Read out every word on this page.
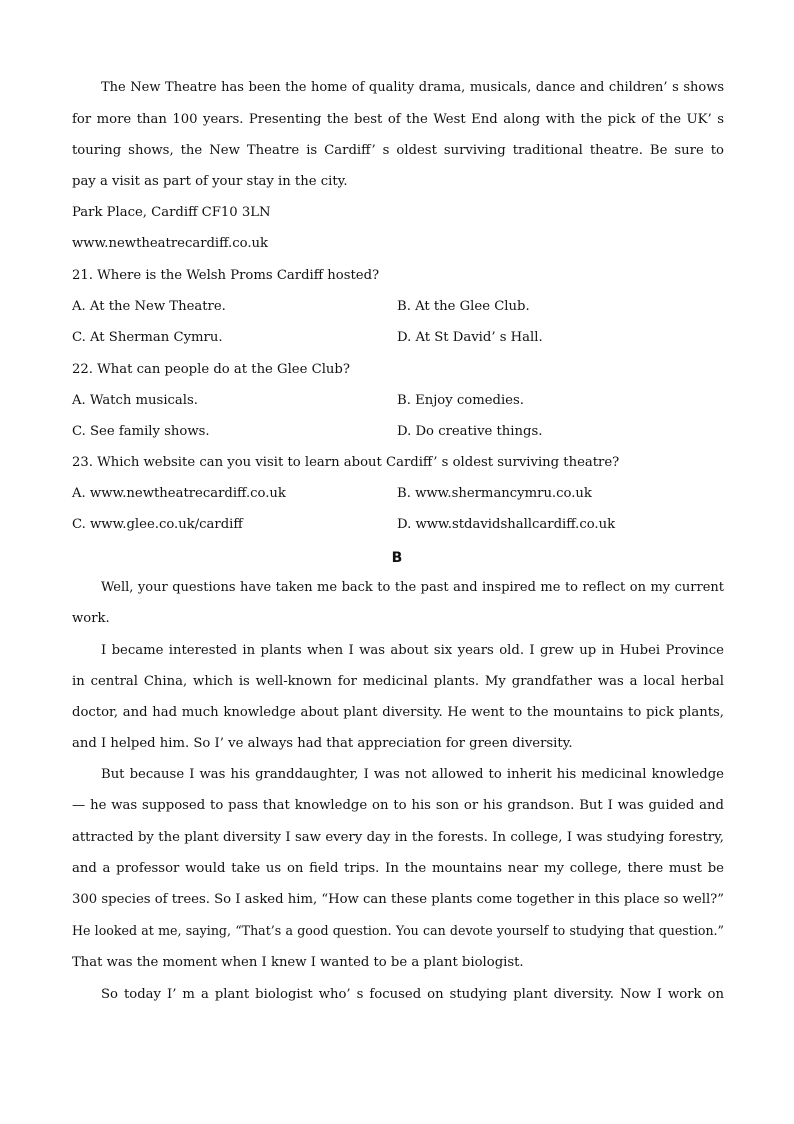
The New Theatre has been the home of quality drama, musicals, dance and children’ s shows
for more than 100 years. Presenting the best of the West End along with the pick of the UK’ s
touring shows, the New Theatre is Cardiff’ s oldest surviving traditional theatre. Be sure to
pay a visit as part of your stay in the city.
Park Place, Cardiff CF10 3LN
www.newtheatrecardiff.co.uk
21. Where is the Welsh Proms Cardiff hosted?
A. At the New Theatre.	B. At the Glee Club.
C. At Sherman Cymru.	D. At St David’ s Hall.
22. What can people do at the Glee Club?
A. Watch musicals.	B. Enjoy comedies.
C. See family shows.	D. Do creative things.
23. Which website can you visit to learn about Cardiff’ s oldest surviving theatre?
A. www.newtheatrecardiff.co.uk	B. www.shermancymru.co.uk
C. www.glee.co.uk/cardiff	D. www.stdavidshallcardiff.co.uk
B
Well, your questions have taken me back to the past and inspired me to reflect on my current
work.
I became interested in plants when I was about six years old. I grew up in Hubei Province
in central China, which is well-known for medicinal plants. My grandfather was a local herbal
doctor, and had much knowledge about plant diversity. He went to the mountains to pick plants,
and I helped him. So I’ ve always had that appreciation for green diversity.
But because I was his granddaughter, I was not allowed to inherit his medicinal knowledge
— he was supposed to pass that knowledge on to his son or his grandson. But I was guided and
attracted by the plant diversity I saw every day in the forests. In college, I was studying forestry,
and a professor would take us on field trips. In the mountains near my college, there must be
300 species of trees. So I asked him, “How can these plants come together in this place so well?”
He looked at me, saying, “That’s a good question. You can devote yourself to studying that question.”
That was the moment when I knew I wanted to be a plant biologist.
So today I’ m a plant biologist who’ s focused on studying plant diversity. Now I work on
